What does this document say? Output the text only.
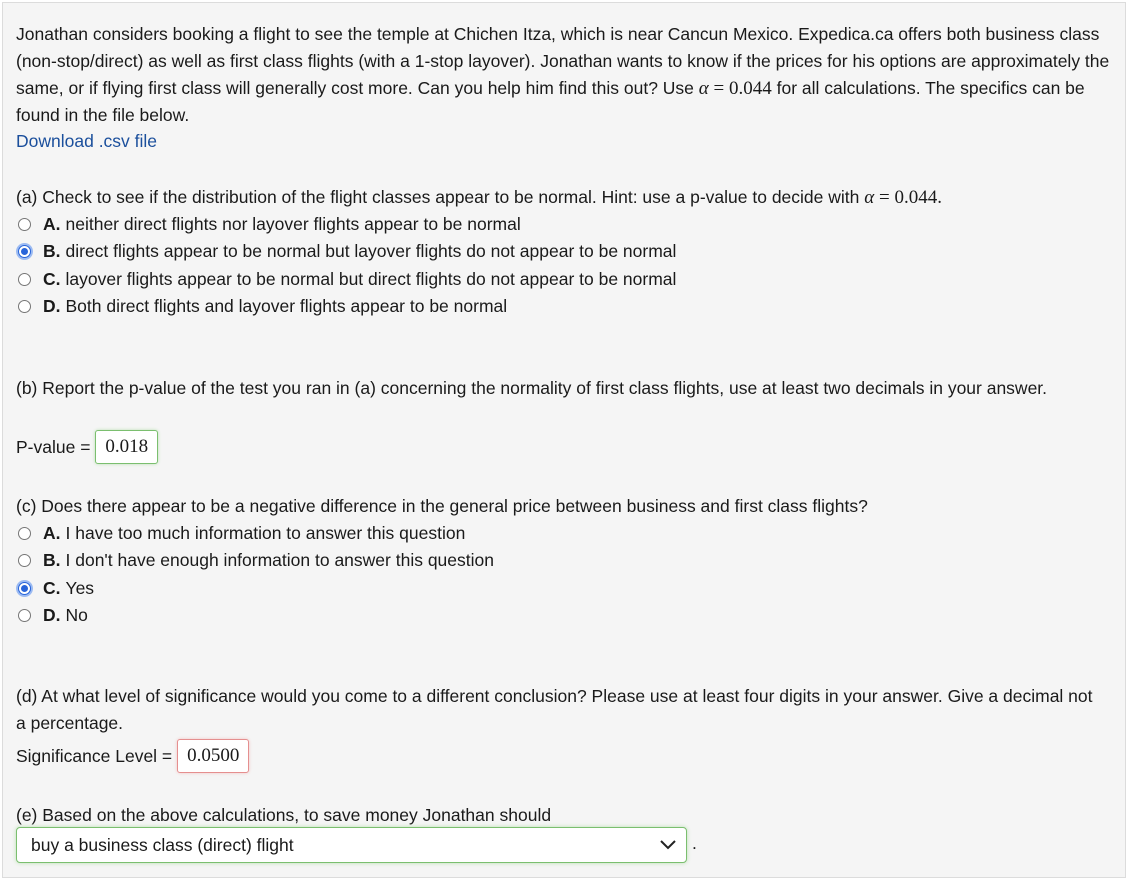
Jonathan considers booking a flight to see the temple at Chichen Itza, which is near Cancun Mexico. Expedica.ca offers both business class (non-stop/direct) as well as first class flights (with a 1-stop layover). Jonathan wants to know if the prices for his options are approximately the same, or if flying first class will generally cost more. Can you help him find this out? Use α = 0.044 for all calculations. The specifics can be found in the file below.
Download .csv file
(a) Check to see if the distribution of the flight classes appear to be normal. Hint: use a p-value to decide with α = 0.044.
A. neither direct flights nor layover flights appear to be normal
B. direct flights appear to be normal but layover flights do not appear to be normal
C. layover flights appear to be normal but direct flights do not appear to be normal
D. Both direct flights and layover flights appear to be normal
(b) Report the p-value of the test you ran in (a) concerning the normality of first class flights, use at least two decimals in your answer.
P-value = 0.018
(c) Does there appear to be a negative difference in the general price between business and first class flights?
A. I have too much information to answer this question
B. I don't have enough information to answer this question
C. Yes
D. No
(d) At what level of significance would you come to a different conclusion? Please use at least four digits in your answer. Give a decimal not a percentage.
Significance Level = 0.0500
(e) Based on the above calculations, to save money Jonathan should
buy a business class (direct) flight	.
